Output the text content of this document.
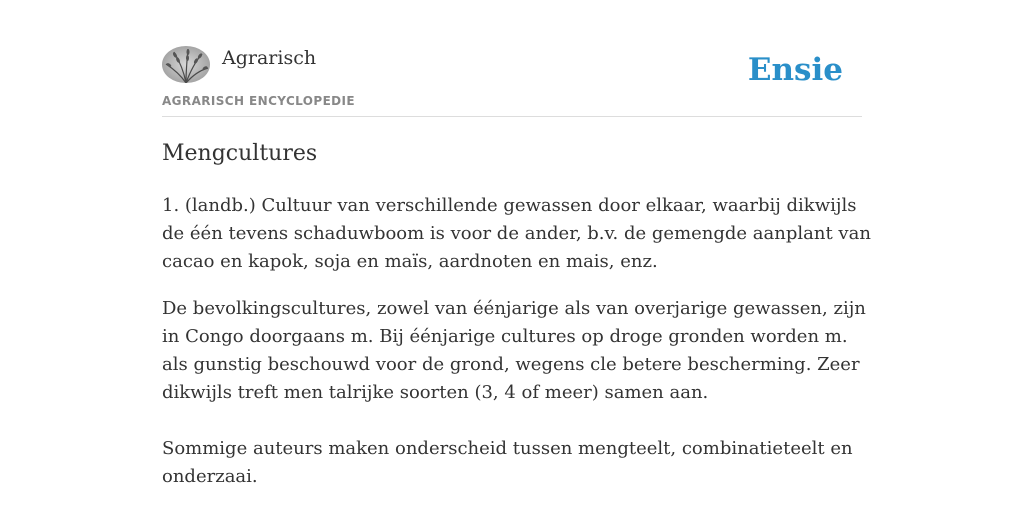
Agrarisch
AGRARISCH ENCYCLOPEDIE
Ensie
Mengcultures

1. (landb.) Cultuur van verschillende gewassen door elkaar, waarbij dikwijls de één tevens schaduwboom is voor de ander, b.v. de gemengde aanplant van cacao en kapok, soja en maïs, aardnoten en mais, enz.

De bevolkingscultures, zowel van éénjarige als van overjarige gewassen, zijn in Congo doorgaans m. Bij éénjarige cultures op droge gronden worden m. als gunstig beschouwd voor de grond, wegens cle betere bescherming. Zeer dikwijls treft men talrijke soorten (3, 4 of meer) samen aan.

Sommige auteurs maken onderscheid tussen mengteelt, combinatieteelt en onderzaai.
